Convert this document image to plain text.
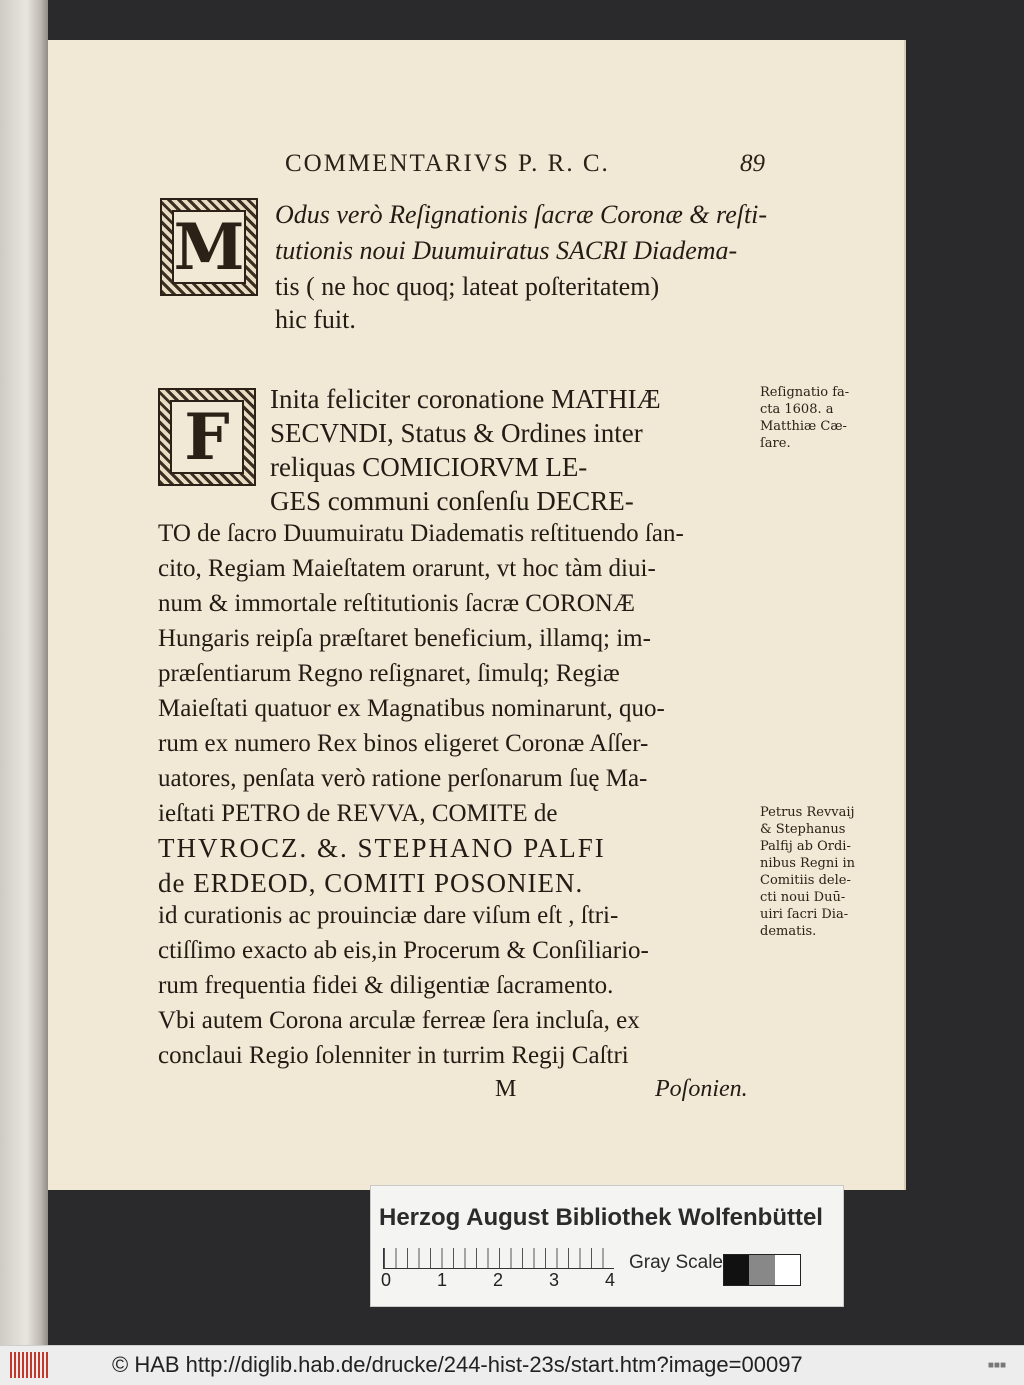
COMMENTARIVS P. R. C.	89
M Odus verò Reſignationis ſacræ Coronæ & reſti-
tutionis noui Duumuiratus SACRI Diadema-
tis ( ne hoc quoq; lateat poſteritatem)
hic fuit.
F
Inita feliciter coronatione MATHIÆ
SECVNDI, Status & Ordines inter
reliquas COMICIORVM LE-
GES communi conſenſu DECRE-
TO de ſacro Duumuiratu Diadematis reſtituendo ſan-
cito, Regiam Maieſtatem orarunt, vt hoc tàm diui-
num & immortale reſtitutionis ſacræ CORONÆ
Hungaris reipſa præſtaret beneficium, illamq; im-
præſentiarum Regno reſignaret, ſimulq; Regiæ
Maieſtati quatuor ex Magnatibus nominarunt, quo-
rum ex numero Rex binos eligeret Coronæ Aſſer-
uatores, penſata verò ratione perſonarum ſuę Ma-
ieſtati PETRO de REVVA, COMITE de
THVROCZ. &. STEPHANO PALFI
de ERDEOD, COMITI POSONIEN.
id curationis ac prouinciæ dare viſum eſt , ſtri-
ctiſſimo exacto ab eis,in Procerum & Conſiliario-
rum frequentia fidei & diligentiæ ſacramento.
Vbi autem Corona arculæ ferreæ ſera incluſa, ex
conclaui Regio ſolenniter in turrim Regij Caſtri
M	Poſonien.
Reſignatio fa-
cta 1608. a
Matthiæ Cæ-
ſare.
Petrus Revvaij
& Stephanus
Palfij ab Ordi-
nibus Regni in
Comitiis dele-
cti noui Duū-
uiri ſacri Dia-
dematis.
Herzog August Bibliothek Wolfenbüttel
0	1	2	3	4
Gray Scale
© HAB http://diglib.hab.de/drucke/244-hist-23s/start.htm?image=00097	■■■
